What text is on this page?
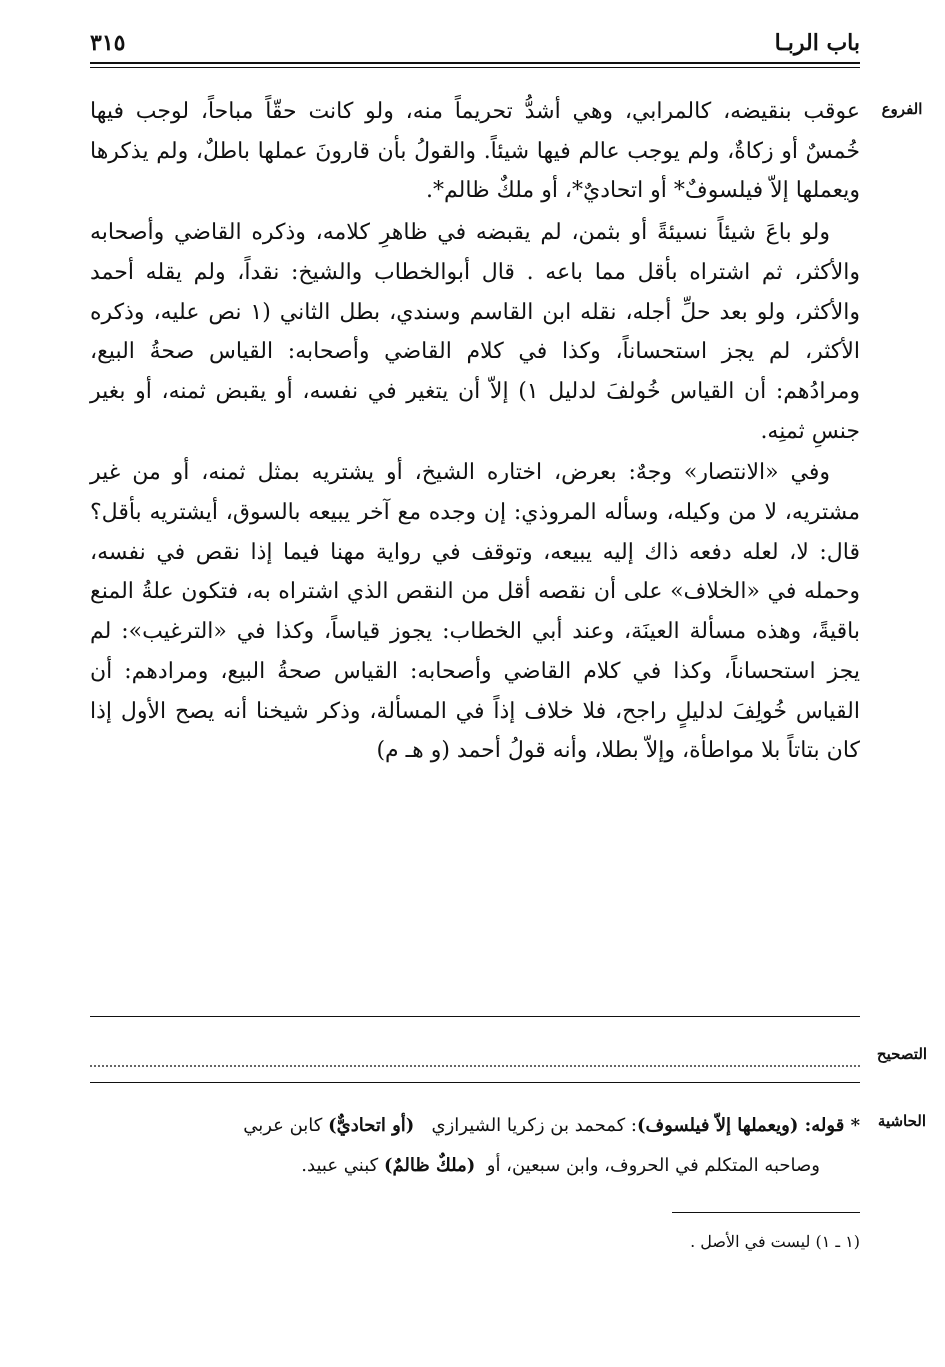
باب الربـا
٣١٥
الفروع

عوقب بنقيضه، كالمرابي، وهي أشدُّ تحريماً منه، ولو كانت حقّاً مباحاً، لوجب فيها خُمسٌ أو زكاةٌ، ولم يوجب عالم فيها شيئاً. والقولُ بأن قارونَ عملها باطلٌ، ولم يذكرها ويعملها إلاّ فيلسوفٌ* أو اتحاديٌ*، أو ملكٌ ظالم*.

ولو باعَ شيئاً نسيئةً أو بثمن، لم يقبضه في ظاهرِ كلامه، وذكره القاضي وأصحابه والأكثر، ثم اشتراه بأقل مما باعه . قال أبوالخطاب والشيخ: نقداً، ولم يقله أحمد والأكثر، ولو بعد حلِّ أجله، نقله ابن القاسم وسندي، بطل الثاني (١ نص عليه، وذكره الأكثر، لم يجز استحساناً، وكذا في كلام القاضي وأصحابه: القياس صحةُ البيع، ومرادُهم: أن القياس خُولفَ لدليل ١) إلاّ أن يتغير في نفسه، أو يقبض ثمنه، أو بغير جنسِ ثمنِه.

وفي «الانتصار» وجهٌ: بعرض، اختاره الشيخ، أو يشتريه بمثل ثمنه، أو من غير مشتريه، لا من وكيله، وسأله المروذي: إن وجده مع آخر يبيعه بالسوق، أيشتريه بأقل؟ قال: لا، لعله دفعه ذاك إليه يبيعه، وتوقف في رواية مهنا فيما إذا نقص في نفسه، وحمله في «الخلاف» على أن نقصه أقل من النقص الذي اشتراه به، فتكون علةُ المنع باقيةً، وهذه مسألة العينَة، وعند أبي الخطاب: يجوز قياساً، وكذا في «الترغيب»: لم يجز استحساناً، وكذا في كلام القاضي وأصحابه: القياس صحةُ البيع، ومرادهم: أن القياس خُولِفَ لدليلٍ راجح، فلا خلاف إذاً في المسألة، وذكر شيخنا أنه يصح الأول إذا كان بتاتاً بلا مواطأة، وإلاّ بطلا، وأنه قولُ أحمد (و هـ م)

التصحيح
الحاشية
* قوله: (ويعملها إلاّ فيلسوف): كمحمد بن زكريا الشيرازي   (أو اتحاديٌّ) كابن عربي
وصاحبه المتكلم في الحروف، وابن سبعين، أو  (ملكٌ ظالمٌ) كبني عبيد.
(١ ـ ١) ليست في الأصل .
